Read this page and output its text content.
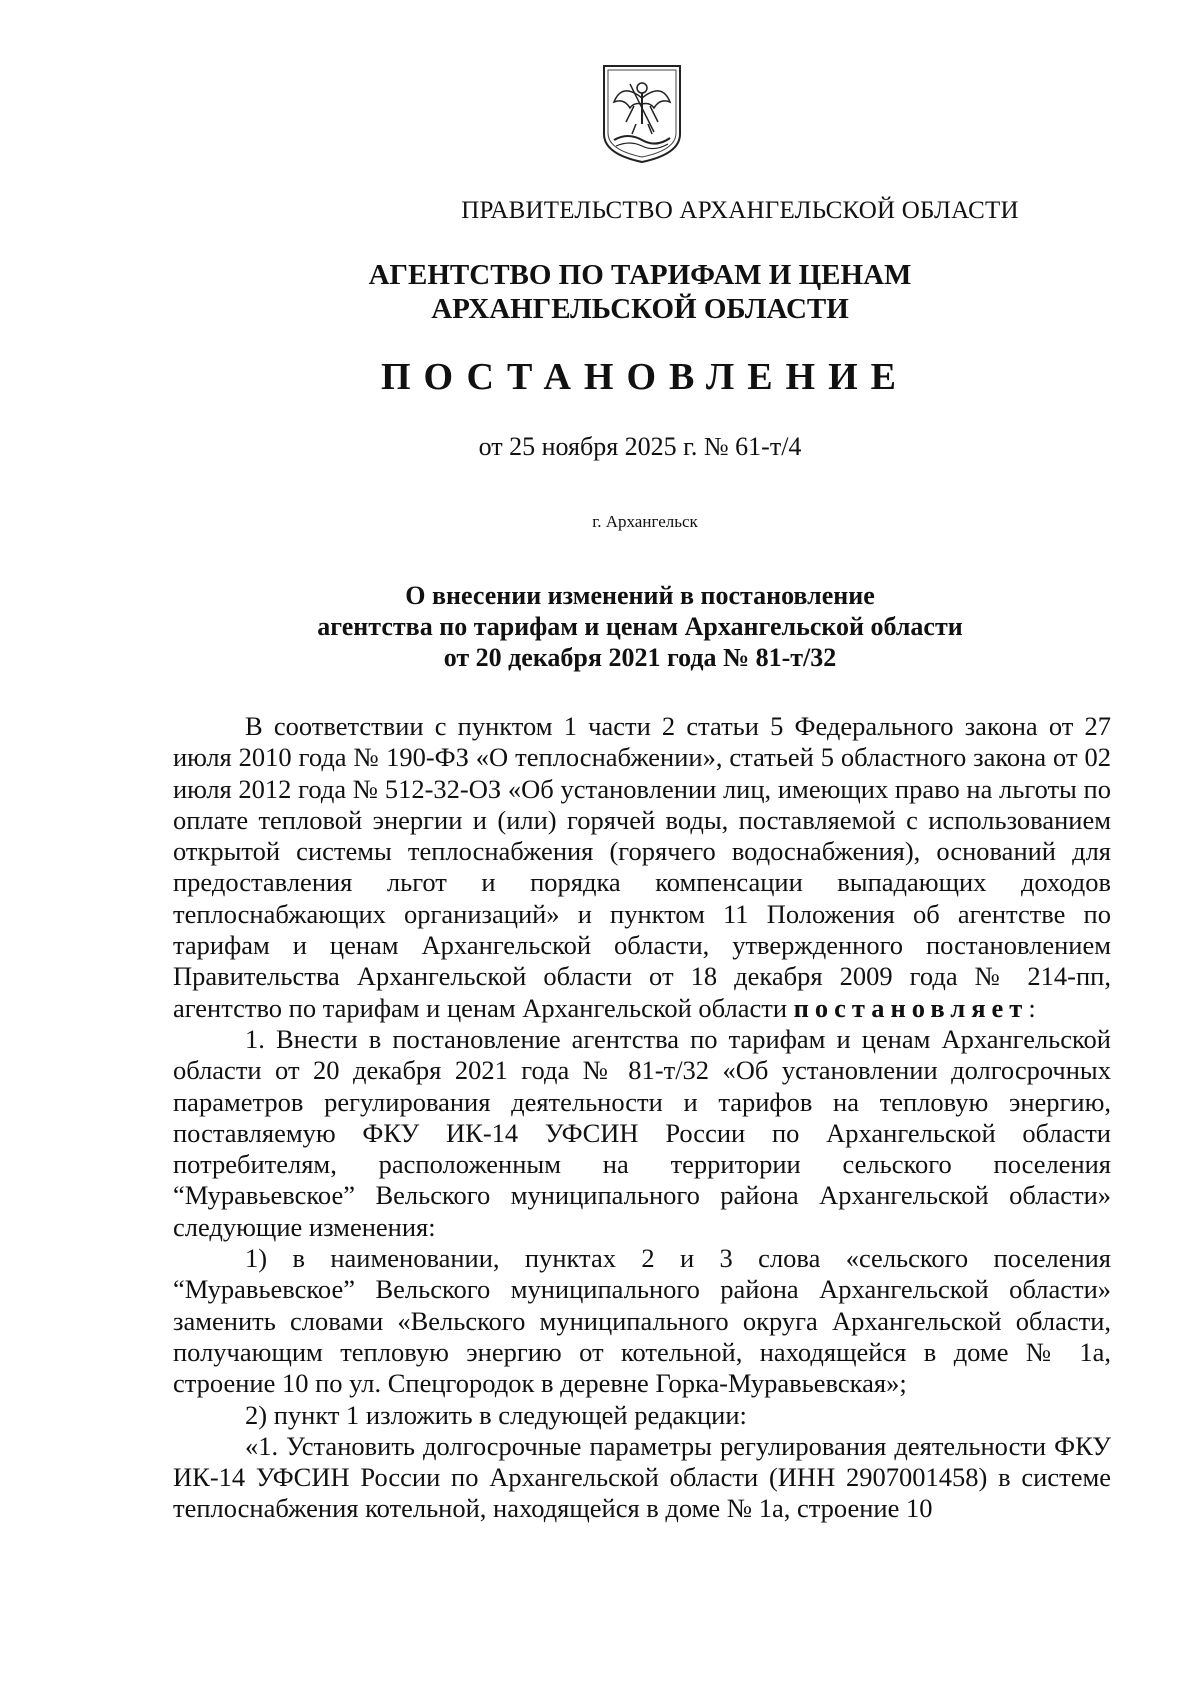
ПРАВИТЕЛЬСТВО АРХАНГЕЛЬСКОЙ ОБЛАСТИ
АГЕНТСТВО ПО ТАРИФАМ И ЦЕНАМ
АРХАНГЕЛЬСКОЙ ОБЛАСТИ
ПОСТАНОВЛЕНИЕ
от 25 ноября 2025 г. № 61-т/4
г. Архангельск
О внесении изменений в постановление
агентства по тарифам и ценам Архангельской области
от 20 декабря 2021 года № 81-т/32

В соответствии с пунктом 1 части 2 статьи 5 Федерального закона от 27 июля 2010 года № 190-ФЗ «О теплоснабжении», статьей 5 областного закона от 02 июля 2012 года № 512-32-ОЗ «Об установлении лиц, имеющих право на льготы по оплате тепловой энергии и (или) горячей воды, поставляемой с использованием открытой системы теплоснабжения (горячего водоснабжения), оснований для предоставления льгот и порядка компенсации выпадающих доходов теплоснабжающих организаций» и пунктом 11 Положения об агентстве по тарифам и ценам Архангельской области, утвержденного постановлением Правительства Архангельской области от 18 декабря 2009 года № 214-пп, агентство по тарифам и ценам Архангельской области постановляет:

1. Внести в постановление агентства по тарифам и ценам Архангельской области от 20 декабря 2021 года № 81-т/32 «Об установлении долгосрочных параметров регулирования деятельности и тарифов на тепловую энергию, поставляемую ФКУ ИК-14 УФСИН России по Архангельской области потребителям, расположенным на территории сельского поселения “Муравьевское” Вельского муниципального района Архангельской области» следующие изменения:

1) в наименовании, пунктах 2 и 3 слова «сельского поселения “Муравьевское” Вельского муниципального района Архангельской области» заменить словами «Вельского муниципального округа Архангельской области, получающим тепловую энергию от котельной, находящейся в доме № 1а, строение 10 по ул. Спецгородок в деревне Горка-Муравьевская»;

2) пункт 1 изложить в следующей редакции:

«1. Установить долгосрочные параметры регулирования деятельности ФКУ ИК-14 УФСИН России по Архангельской области (ИНН 2907001458) в системе теплоснабжения котельной, находящейся в доме № 1а, строение 10
